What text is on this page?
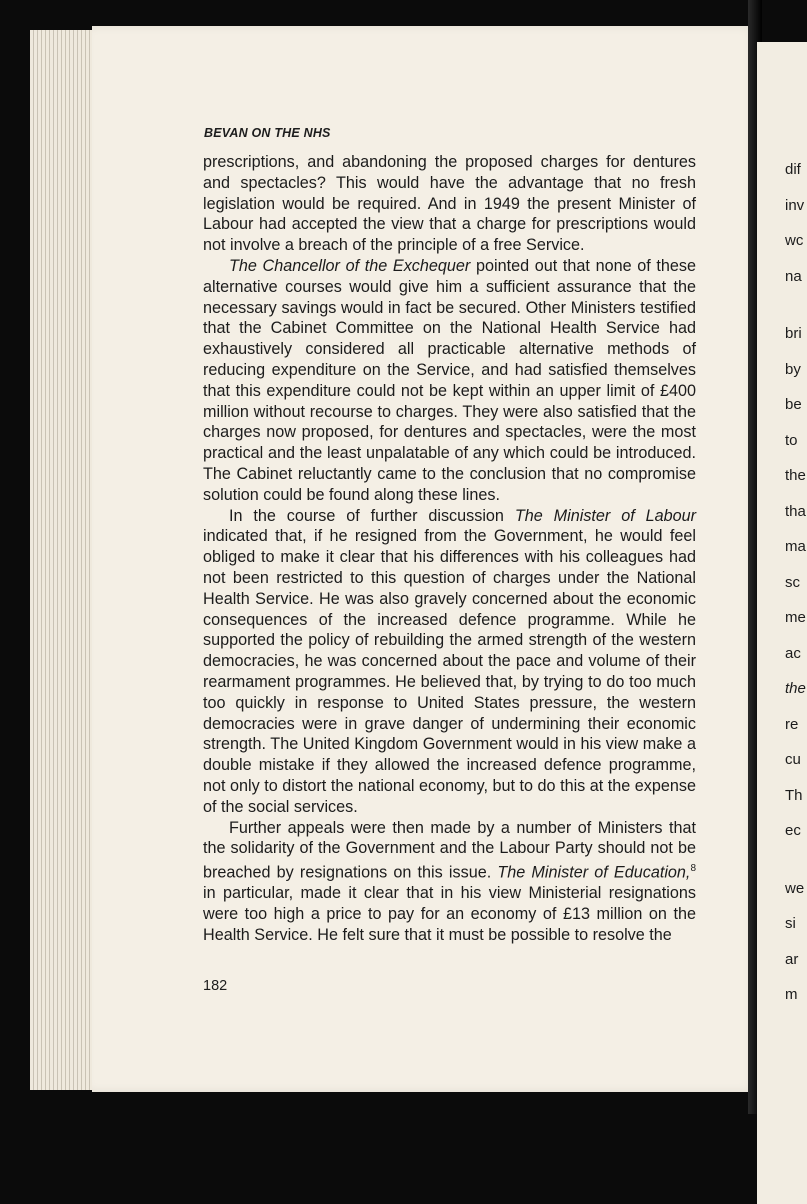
dif
inv
wc
na
bri
by
be
to
the
tha
ma
sc
me
ac
the
re
cu
Th
ec
we
si
ar
m
BEVAN ON THE NHS

prescriptions, and abandoning the proposed charges for dentures and spectacles? This would have the advantage that no fresh legislation would be required. And in 1949 the present Minister of Labour had accepted the view that a charge for prescriptions would not involve a breach of the principle of a free Service.

The Chancellor of the Exchequer pointed out that none of these alternative courses would give him a sufficient assurance that the necessary savings would in fact be secured. Other Ministers testified that the Cabinet Committee on the National Health Service had exhaustively considered all practicable alternative methods of reducing expenditure on the Service, and had satisfied themselves that this expenditure could not be kept within an upper limit of £400 million without recourse to charges. They were also satisfied that the charges now proposed, for dentures and spectacles, were the most practical and the least unpalatable of any which could be introduced. The Cabinet reluctantly came to the conclusion that no compromise solution could be found along these lines.

In the course of further discussion The Minister of Labour indicated that, if he resigned from the Government, he would feel obliged to make it clear that his differences with his colleagues had not been restricted to this question of charges under the National Health Service. He was also gravely concerned about the economic consequences of the increased defence programme. While he supported the policy of rebuilding the armed strength of the western democracies, he was concerned about the pace and volume of their rearmament programmes. He believed that, by trying to do too much too quickly in response to United States pressure, the western democracies were in grave danger of undermining their economic strength. The United Kingdom Government would in his view make a double mistake if they allowed the increased defence programme, not only to distort the national economy, but to do this at the expense of the social services.

Further appeals were then made by a number of Ministers that the solidarity of the Government and the Labour Party should not be breached by resignations on this issue. The Minister of Education,$^8$ in particular, made it clear that in his view Ministerial resignations were too high a price to pay for an economy of £13 million on the Health Service. He felt sure that it must be possible to resolve the

182
